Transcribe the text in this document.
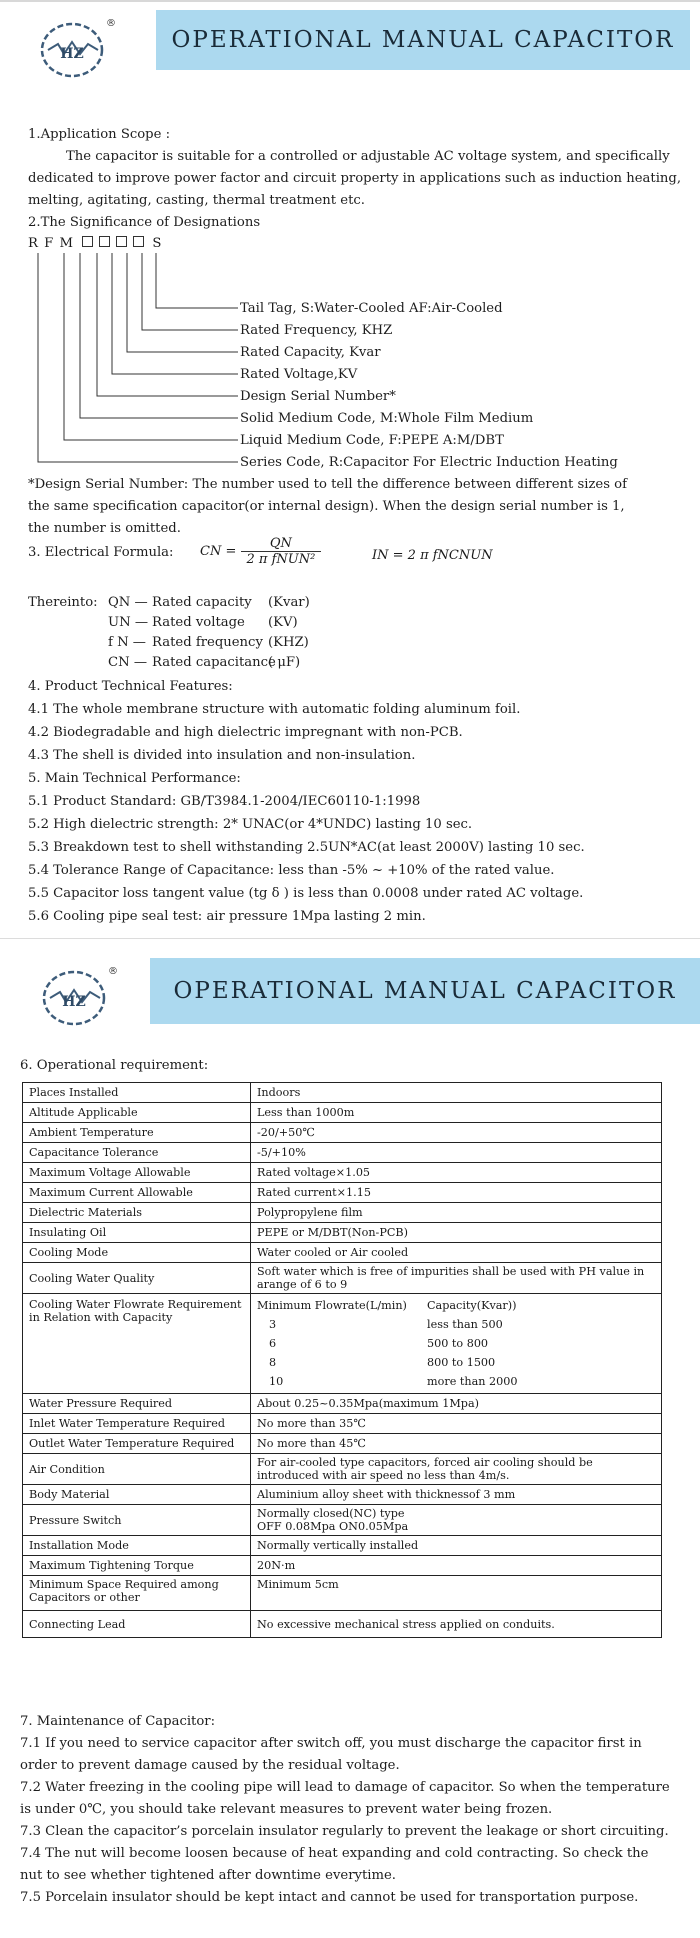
HZ
®
OPERATIONAL MANUAL CAPACITOR
1.Application Scope :
The capacitor is suitable for a controlled or adjustable AC voltage system, and specifically
dedicated to improve power factor and circuit property in applications such as induction heating,
melting, agitating, casting, thermal treatment etc.
2.The Significance of Designations
R F M	S
Tail Tag, S:Water-Cooled AF:Air-Cooled
Rated Frequency, KHZ
Rated Capacity, Kvar
Rated Voltage,KV
Design Serial Number*
Solid Medium Code, M:Whole Film Medium
Liquid Medium Code, F:PEPE A:M/DBT
Series Code, R:Capacitor For Electric Induction Heating
*Design Serial Number: The number used to tell the difference between different sizes of
the same specification capacitor(or internal design). When the design serial number is 1,
the number is omitted.
3. Electrical Formula: CN = $\frac{QN}{\text{2 π fNUN²}}$	IN = 2 π fNCNUN
Thereinto: QN — Rated capacity (Kvar)
UN — Rated voltage (KV)
f N — Rated frequency (KHZ)
CN — Rated capacitance
( μF)
4. Product Technical Features:
4.1 The whole membrane structure with automatic folding aluminum foil.
4.2 Biodegradable and high dielectric impregnant with non-PCB.
4.3 The shell is divided into insulation and non-insulation.
5. Main Technical Performance:
5.1 Product Standard: GB/T3984.1-2004/IEC60110-1:1998
5.2 High dielectric strength: 2* UNAC(or 4*UNDC) lasting 10 sec.
5.3 Breakdown test to shell withstanding 2.5UN*AC(at least 2000V) lasting 10 sec.
5.4 Tolerance Range of Capacitance: less than -5% ~ +10% of the rated value.
5.5 Capacitor loss tangent value (tg δ ) is less than 0.0008 under rated AC voltage.
5.6 Cooling pipe seal test: air pressure 1Mpa lasting 2 min.
HZ
®
OPERATIONAL MANUAL CAPACITOR
6. Operational requirement:
Places Installed	Indoors
Altitude Applicable	Less than 1000m
Ambient Temperature	-20/+50℃
Capacitance Tolerance	-5/+10%
Maximum Voltage Allowable	Rated voltage×1.05
Maximum Current Allowable	Rated current×1.15
Dielectric Materials	Polypropylene film
Insulating Oil	PEPE or M/DBT(Non-PCB)
Cooling Mode	Water cooled or Air cooled
Cooling Water Quality	Soft water which is free of impurities shall be used with PH value in arange of 6 to 9
Cooling Water Flowrate Requirement in Relation with Capacity	
Minimum Flowrate(L/min)	Capacity(Kvar))
3	less than 500
6	500 to 800
8	800 to 1500
10	more than 2000

Water Pressure Required	About 0.25~0.35Mpa(maximum 1Mpa)
Inlet Water Temperature Required	No more than 35℃
Outlet Water Temperature Required	No more than 45℃
Air Condition	For air-cooled type capacitors, forced air cooling should be introduced with air speed no less than 4m/s.
Body Material	Aluminium alloy sheet with thicknessof 3 mm
Pressure Switch	Normally closed(NC) type
OFF 0.08Mpa ON0.05Mpa
Installation Mode	Normally vertically installed
Maximum Tightening Torque	20N·m
Minimum Space Required among Capacitors or other	Minimum 5cm
Connecting Lead	No excessive mechanical stress applied on conduits.
7. Maintenance of Capacitor:
7.1 If you need to service capacitor after switch off, you must discharge the capacitor first in order to prevent damage caused by the residual voltage.
7.2 Water freezing in the cooling pipe will lead to damage of capacitor. So when the temperature is under 0℃, you should take relevant measures to prevent water being frozen.
7.3 Clean the capacitor’s porcelain insulator regularly to prevent the leakage or short circuiting.
7.4 The nut will become loosen because of heat expanding and cold contracting. So check the nut to see whether tightened after downtime everytime.
7.5 Porcelain insulator should be kept intact and cannot be used for transportation purpose.
